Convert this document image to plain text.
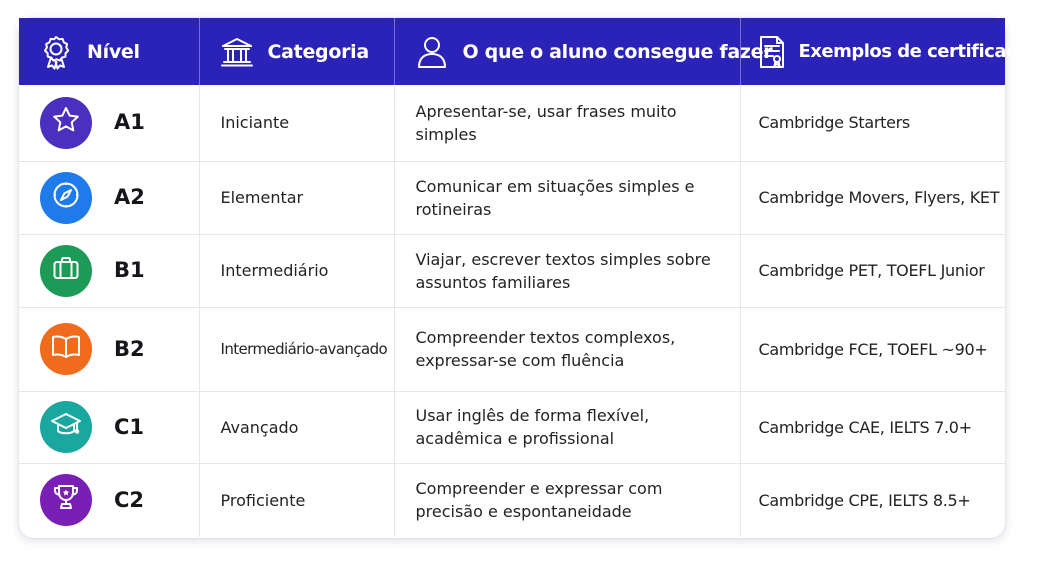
Nível	Categoria	O que o aluno consegue fazer	Exemplos de certificação

A1	Iniciante	Apresentar-se, usar frases muito simples	Cambridge Starters

A2	Elementar	Comunicar em situações simples e rotineiras	Cambridge Movers, Flyers, KET

B1	Intermediário	Viajar, escrever textos simples sobre assuntos familiares	Cambridge PET, TOEFL Junior

B2	Intermediário-avançado	Compreender textos complexos, expressar-se com fluência	Cambridge FCE, TOEFL ~90+

C1	Avançado	Usar inglês de forma flexível, acadêmica e profissional	Cambridge CAE, IELTS 7.0+

C2	Proficiente	Compreender e expressar com precisão e espontaneidade	Cambridge CPE, IELTS 8.5+
